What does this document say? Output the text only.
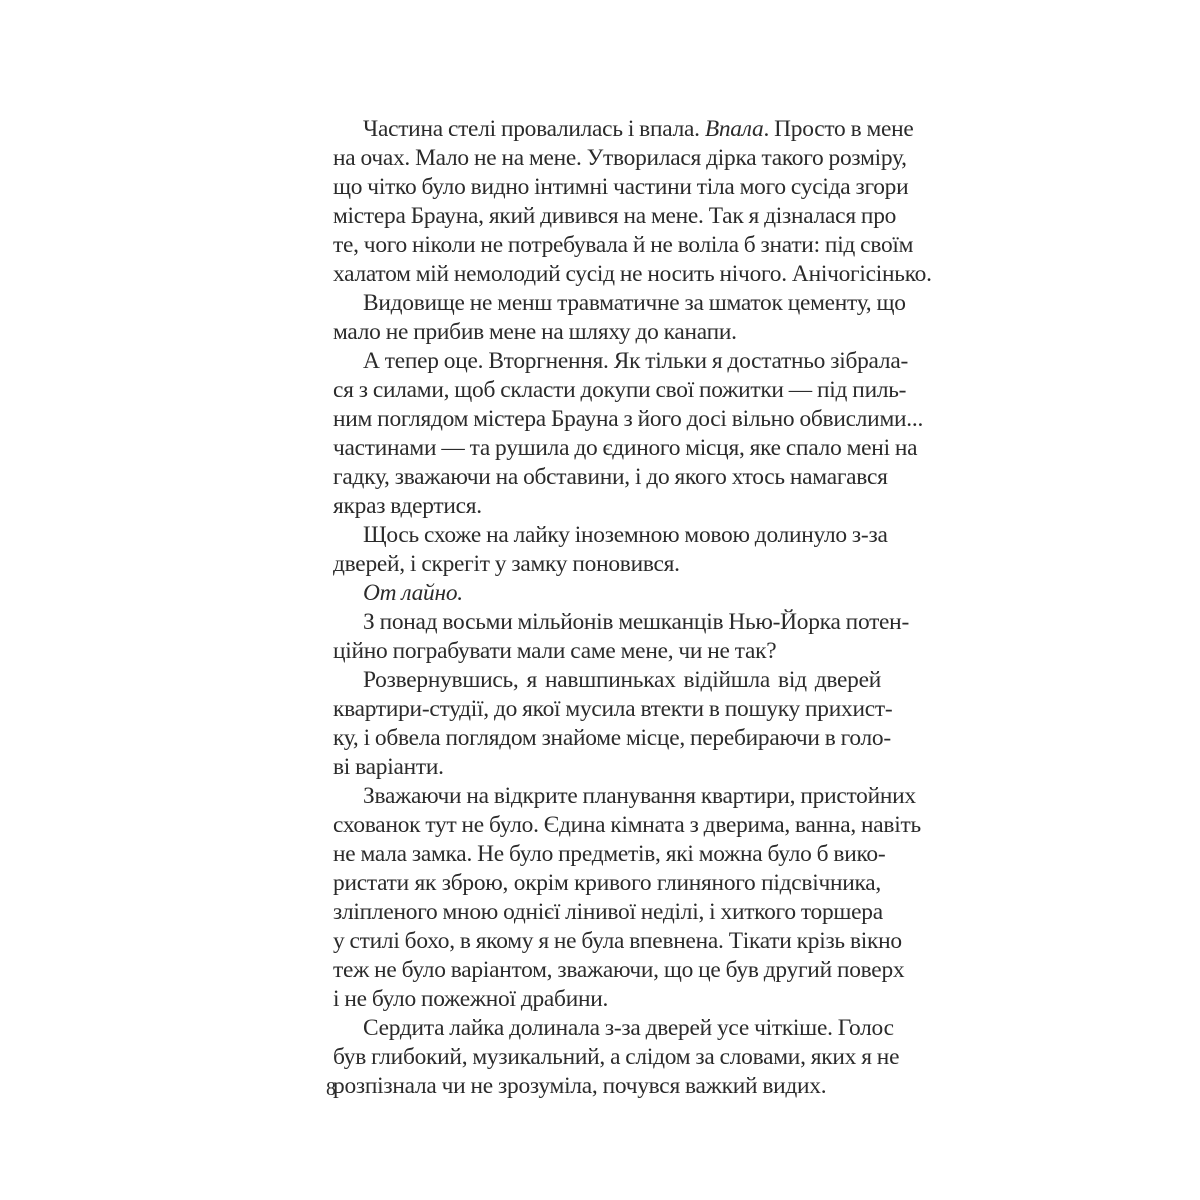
Частина стелі провалилась і впала. Впала. Просто в мене
на очах. Мало не на мене. Утворилася дірка такого розміру,
що чітко було видно інтимні частини тіла мого сусіда згори
містера Брауна, який дивився на мене. Так я дізналася про
те, чого ніколи не потребувала й не воліла б знати: під своїм
халатом мій немолодий сусід не носить нічого. Анічогісінько.

Видовище не менш травматичне за шматок цементу, що
мало не прибив мене на шляху до канапи.

А тепер оце. Вторгнення. Як тільки я достатньо зібрала-
ся з силами, щоб скласти докупи свої пожитки — під пиль-
ним поглядом містера Брауна з його досі вільно обвислими...
частинами — та рушила до єдиного місця, яке спало мені на
гадку, зважаючи на обставини, і до якого хтось намагався
якраз вдертися.

Щось схоже на лайку іноземною мовою долинуло з-за
дверей, і скрегіт у замку поновився.

От лайно.

З понад восьми мільйонів мешканців Нью-Йорка потен-
ційно пограбувати мали саме мене, чи не так?

Розвернувшись, я навшпиньках відійшла від дверей
квартири-студії, до якої мусила втекти в пошуку прихист-
ку, і обвела поглядом знайоме місце, перебираючи в голо-
ві варіанти.

Зважаючи на відкрите планування квартири, пристойних
схованок тут не було. Єдина кімната з дверима, ванна, навіть
не мала замка. Не було предметів, які можна було б вико-
ристати як зброю, окрім кривого глиняного підсвічника,
зліпленого мною однієї лінивої неділі, і хиткого торшера
у стилі бохо, в якому я не була впевнена. Тікати крізь вікно
теж не було варіантом, зважаючи, що це був другий поверх
і не було пожежної драбини.

Сердита лайка долинала з-за дверей усе чіткіше. Голос
був глибокий, музикальний, а слідом за словами, яких я не
розпізнала чи не зрозуміла, почувся важкий видих.

8
